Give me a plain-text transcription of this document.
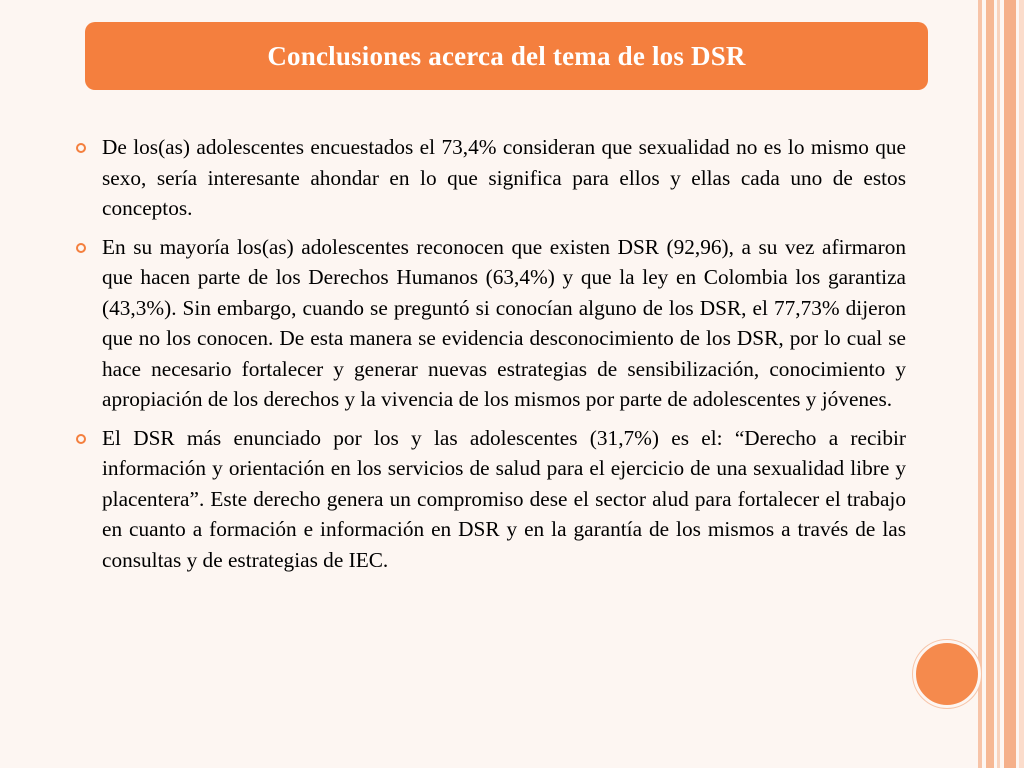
Conclusiones acerca del tema de los DSR
De los(as) adolescentes encuestados el 73,4% consideran que sexualidad no es lo mismo que sexo, sería interesante ahondar en lo que significa para ellos y ellas cada uno de estos conceptos.
En su mayoría los(as) adolescentes reconocen que existen DSR (92,96), a su vez afirmaron que hacen parte de los Derechos Humanos (63,4%) y que la ley en Colombia los garantiza (43,3%). Sin embargo, cuando se preguntó si conocían alguno de los DSR, el 77,73% dijeron que no los conocen. De esta manera se evidencia desconocimiento de los DSR, por lo cual se hace necesario fortalecer y generar nuevas estrategias de sensibilización, conocimiento y apropiación de los derechos y la vivencia de los mismos por parte de adolescentes y jóvenes.
El DSR más enunciado por los y las adolescentes (31,7%) es el: “Derecho a recibir información y orientación en los servicios de salud para el ejercicio de una sexualidad libre y placentera”. Este derecho genera un compromiso dese el sector alud para fortalecer el trabajo en cuanto a formación e información en DSR y en la garantía de los mismos a través de las consultas y de estrategias de IEC.
